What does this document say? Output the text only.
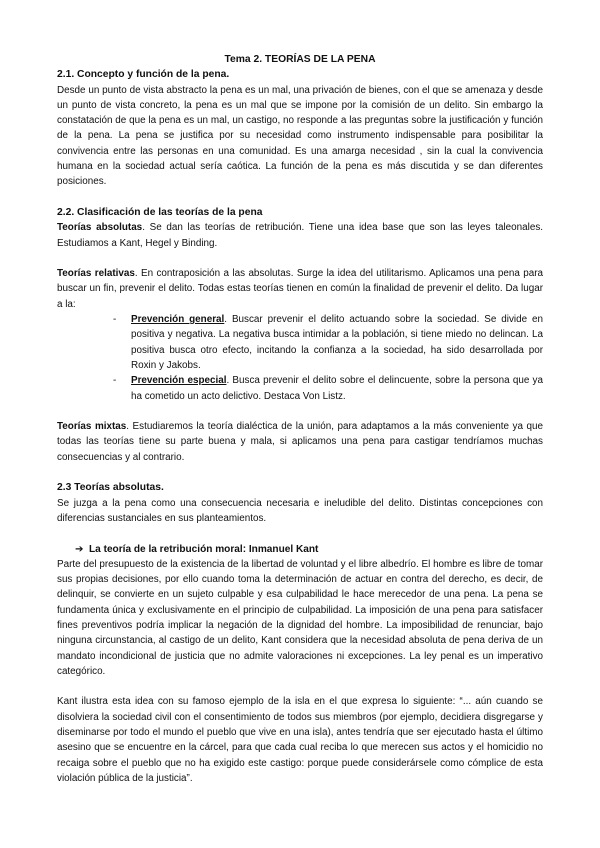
Tema 2. TEORÍAS DE LA PENA

2.1. Concepto y función de la pena.

Desde un punto de vista abstracto la pena es un mal, una privación de bienes, con el que se amenaza y desde un punto de vista concreto, la pena es un mal que se impone por la comisión de un delito. Sin embargo la constatación de que la pena es un mal, un castigo, no responde a las preguntas sobre la justificación y función de la pena. La pena se justifica por su necesidad como instrumento indispensable para posibilitar la convivencia entre las personas en una comunidad. Es una amarga necesidad , sin la cual la convivencia humana en la sociedad actual sería caótica. La función de la pena es más discutida y se dan diferentes posiciones.

2.2. Clasificación de las teorías de la pena

Teorías absolutas. Se dan las teorías de retribución. Tiene una idea base que son las leyes taleonales. Estudiamos a Kant, Hegel y Binding.

Teorías relativas. En contraposición a las absolutas. Surge la idea del utilitarismo. Aplicamos una pena para buscar un fin, prevenir el delito. Todas estas teorías tienen en común la finalidad de prevenir el delito. Da lugar a la:

- Prevención general. Buscar prevenir el delito actuando sobre la sociedad. Se divide en positiva y negativa. La negativa busca intimidar a la población, si tiene miedo no delincan. La positiva busca otro efecto, incitando la confianza a la sociedad, ha sido desarrollada por Roxin y Jakobs.
- Prevención especial. Busca prevenir el delito sobre el delincuente, sobre la persona que ya ha cometido un acto delictivo. Destaca Von Listz.

Teorías mixtas. Estudiaremos la teoría dialéctica de la unión, para adaptamos a la más conveniente ya que todas las teorías tiene su parte buena y mala, si aplicamos una pena para castigar tendríamos muchas consecuencias y al contrario.

2.3 Teorías absolutas.

Se juzga a la pena como una consecuencia necesaria e ineludible del delito. Distintas concepciones con diferencias sustanciales en sus planteamientos.

➔ La teoría de la retribución moral: Inmanuel Kant

Parte del presupuesto de la existencia de la libertad de voluntad y el libre albedrío. El hombre es libre de tomar sus propias decisiones, por ello cuando toma la determinación de actuar en contra del derecho, es decir, de delinquir, se convierte en un sujeto culpable y esa culpabilidad le hace merecedor de una pena. La pena se fundamenta única y exclusivamente en el principio de culpabilidad. La imposición de una pena para satisfacer fines preventivos podría implicar la negación de la dignidad del hombre. La imposibilidad de renunciar, bajo ninguna circunstancia, al castigo de un delito, Kant considera que la necesidad absoluta de pena deriva de un mandato incondicional de justicia que no admite valoraciones ni excepciones. La ley penal es un imperativo categórico.

Kant ilustra esta idea con su famoso ejemplo de la isla en el que expresa lo siguiente: “... aún cuando se disolviera la sociedad civil con el consentimiento de todos sus miembros (por ejemplo, decidiera disgregarse y diseminarse por todo el mundo el pueblo que vive en una isla), antes tendría que ser ejecutado hasta el último asesino que se encuentre en la cárcel, para que cada cual reciba lo que merecen sus actos y el homicidio no recaiga sobre el pueblo que no ha exigido este castigo: porque puede considerársele como cómplice de esta violación pública de la justicia”.
